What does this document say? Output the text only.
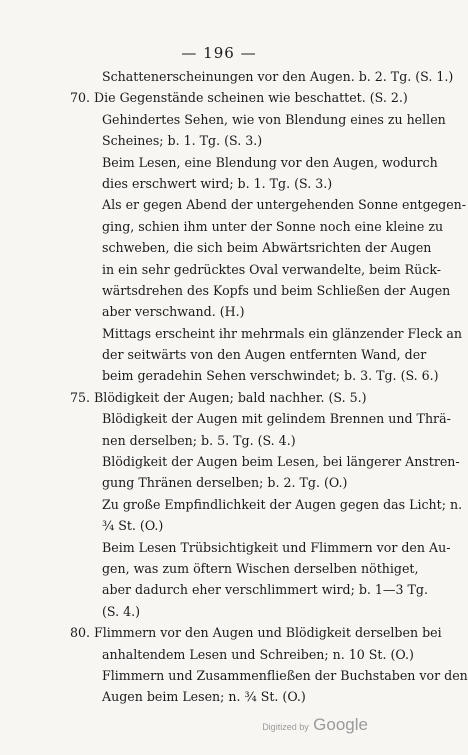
— 196 —
Schattenerscheinungen vor den Augen. b. 2. Tg. (S. 1.)
70. Die Gegenstände scheinen wie beschattet. (S. 2.)
Gehindertes Sehen, wie von Blendung eines zu hellen
Scheines; b. 1. Tg. (S. 3.)
Beim Lesen, eine Blendung vor den Augen, wodurch
dies erschwert wird; b. 1. Tg. (S. 3.)
Als er gegen Abend der untergehenden Sonne entgegen-
ging, schien ihm unter der Sonne noch eine kleine zu
schweben, die sich beim Abwärtsrichten der Augen
in ein sehr gedrücktes Oval verwandelte, beim Rück-
wärtsdrehen des Kopfs und beim Schließen der Augen
aber verschwand. (H.)
Mittags erscheint ihr mehrmals ein glänzender Fleck an
der seitwärts von den Augen entfernten Wand, der
beim geradehin Sehen verschwindet; b. 3. Tg. (S. 6.)
75. Blödigkeit der Augen; bald nachher. (S. 5.)
Blödigkeit der Augen mit gelindem Brennen und Thrä-
nen derselben; b. 5. Tg. (S. 4.)
Blödigkeit der Augen beim Lesen, bei längerer Anstren-
gung Thränen derselben; b. 2. Tg. (O.)
Zu große Empfindlichkeit der Augen gegen das Licht; n.
¾ St. (O.)
Beim Lesen Trübsichtigkeit und Flimmern vor den Au-
gen, was zum öftern Wischen derselben nöthiget,
aber dadurch eher verschlimmert wird; b. 1—3 Tg.
(S. 4.)
80. Flimmern vor den Augen und Blödigkeit derselben bei
anhaltendem Lesen und Schreiben; n. 10 St. (O.)
Flimmern und Zusammenfließen der Buchstaben vor den
Augen beim Lesen; n. ¾ St. (O.)
Digitized by Google
